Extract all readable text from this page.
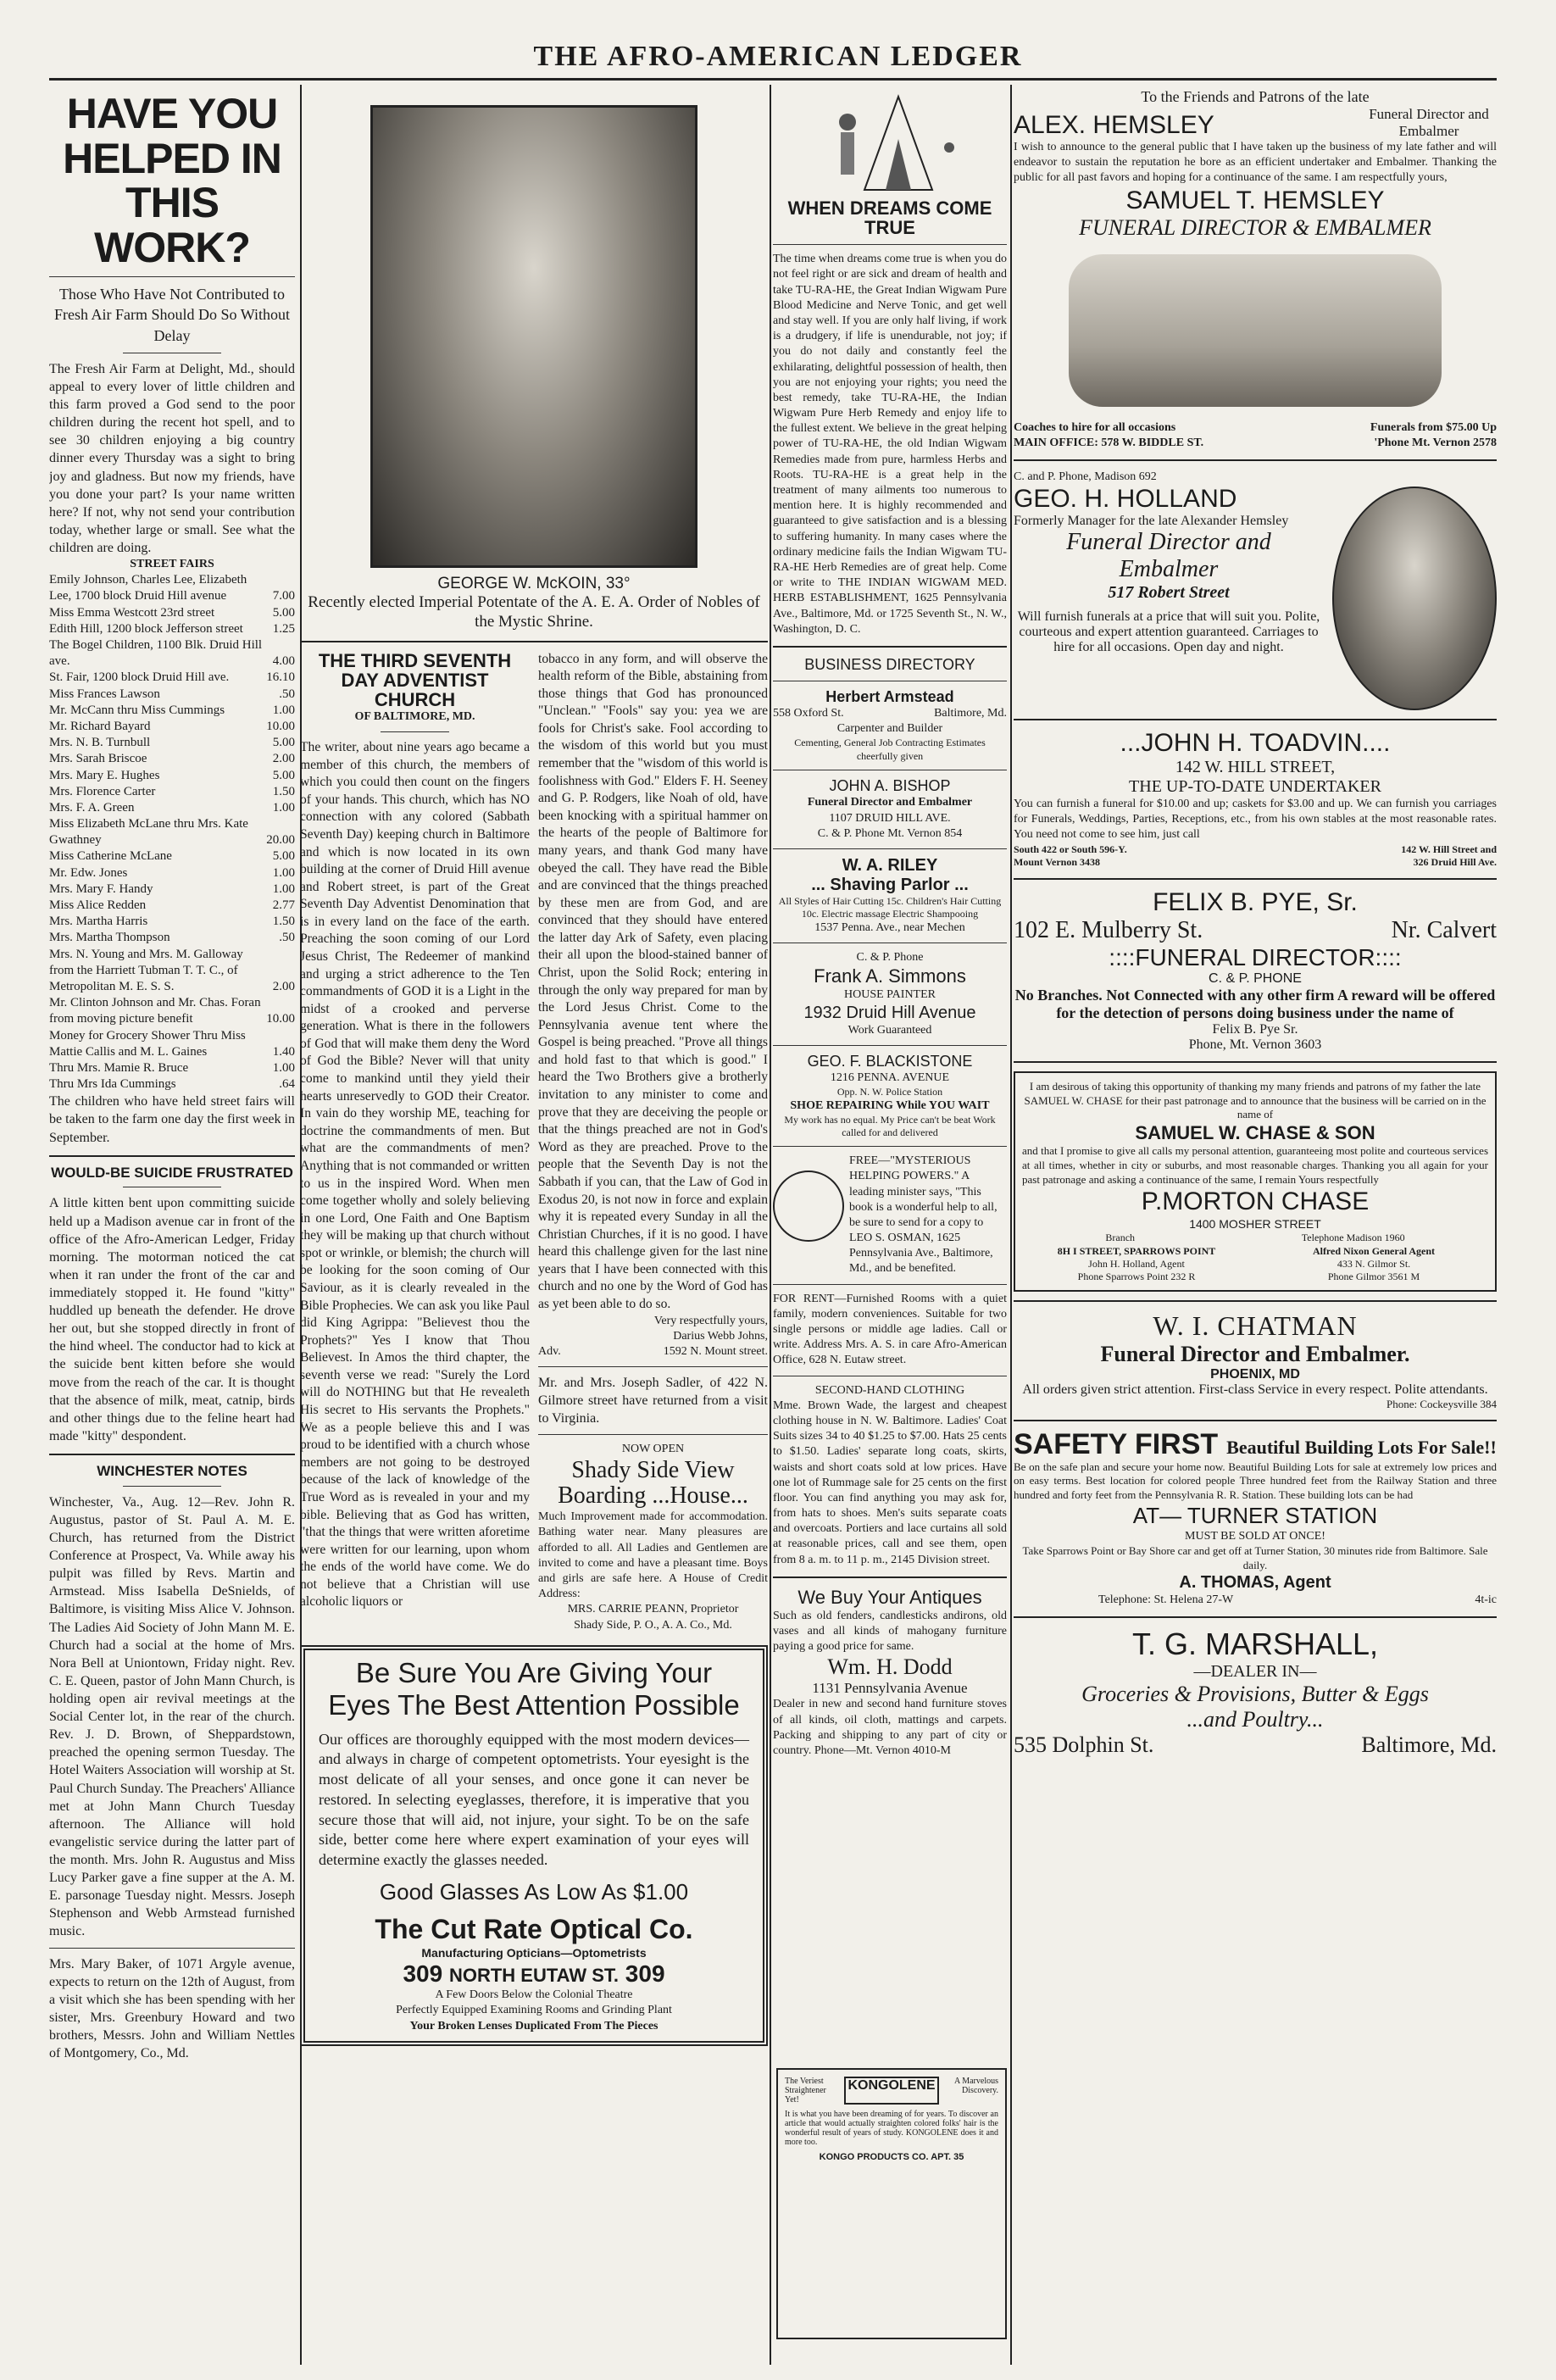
THE AFRO-AMERICAN LEDGER
HAVE YOU HELPED IN THIS WORK?
Those Who Have Not Contributed to Fresh Air Farm Should Do So Without Delay
The Fresh Air Farm at Delight, Md., should appeal to every lover of little children and this farm proved a God send to the poor children during the recent hot spell, and to see 30 children enjoying a big country dinner every Thursday was a sight to bring joy and gladness. But now my friends, have you done your part? Is your name written here? If not, why not send your contribution today, whether large or small. See what the children are doing.
STREET FAIRS
Emily Johnson, Charles Lee, Elizabeth Lee, 1700 block Druid Hill avenue	7.00
Miss Emma Westcott 23rd street	5.00
Edith Hill, 1200 block Jefferson street	1.25
The Bogel Children, 1100 Blk. Druid Hill ave.	4.00
St. Fair, 1200 block Druid Hill ave.	16.10
Miss Frances Lawson	.50
Mr. McCann thru Miss Cummings	1.00
Mr. Richard Bayard	10.00
Mrs. N. B. Turnbull	5.00
Mrs. Sarah Briscoe	2.00
Mrs. Mary E. Hughes	5.00
Mrs. Florence Carter	1.50
Mrs. F. A. Green	1.00
Miss Elizabeth McLane thru Mrs. Kate Gwathney	20.00
Miss Catherine McLane	5.00
Mr. Edw. Jones	1.00
Mrs. Mary F. Handy	1.00
Miss Alice Redden	2.77
Mrs. Martha Harris	1.50
Mrs. Martha Thompson	.50
Mrs. N. Young and Mrs. M. Galloway from the Harriett Tubman T. T. C., of Metropolitan M. E. S. S.	2.00
Mr. Clinton Johnson and Mr. Chas. Foran from moving picture benefit	10.00
Money for Grocery Shower Thru Miss Mattie Callis and M. L. Gaines	1.40
Thru Mrs. Mamie R. Bruce	1.00
Thru Mrs Ida Cummings	.64
The children who have held street fairs will be taken to the farm one day the first week in September.
WOULD-BE SUICIDE FRUSTRATED
A little kitten bent upon committing suicide held up a Madison avenue car in front of the office of the Afro-American Ledger, Friday morning. The motorman noticed the cat when it ran under the front of the car and immediately stopped it. He found "kitty" huddled up beneath the defender. He drove her out, but she stopped directly in front of the hind wheel. The conductor had to kick at the suicide bent kitten before she would move from the reach of the car. It is thought that the absence of milk, meat, catnip, birds and other things due to the feline heart had made "kitty" despondent.
WINCHESTER NOTES
Winchester, Va., Aug. 12—Rev. John R. Augustus, pastor of St. Paul A. M. E. Church, has returned from the District Conference at Prospect, Va. While away his pulpit was filled by Revs. Martin and Armstead. Miss Isabella DeSnields, of Baltimore, is visiting Miss Alice V. Johnson. The Ladies Aid Society of John Mann M. E. Church had a social at the home of Mrs. Nora Bell at Uniontown, Friday night. Rev. C. E. Queen, pastor of John Mann Church, is holding open air revival meetings at the Social Center lot, in the rear of the church. Rev. J. D. Brown, of Sheppardstown, preached the opening sermon Tuesday. The Hotel Waiters Association will worship at St. Paul Church Sunday. The Preachers' Alliance met at John Mann Church Tuesday afternoon. The Alliance will hold evangelistic service during the latter part of the month. Mrs. John R. Augustus and Miss Lucy Parker gave a fine supper at the A. M. E. parsonage Tuesday night. Messrs. Joseph Stephenson and Webb Armstead furnished music.
Mrs. Mary Baker, of 1071 Argyle avenue, expects to return on the 12th of August, from a visit which she has been spending with her sister, Mrs. Greenbury Howard and two brothers, Messrs. John and William Nettles of Montgomery, Co., Md.
GEORGE W. McKOIN, 33°
Recently elected Imperial Potentate of the A. E. A. Order of Nobles of the Mystic Shrine.
THE THIRD SEVENTH DAY ADVENTIST CHURCH
OF BALTIMORE, MD.
The writer, about nine years ago became a member of this church, the members of which you could then count on the fingers of your hands. This church, which has NO connection with any colored (Sabbath Seventh Day) keeping church in Baltimore and which is now located in its own building at the corner of Druid Hill avenue and Robert street, is part of the Great Seventh Day Adventist Denomination that is in every land on the face of the earth. Preaching the soon coming of our Lord Jesus Christ, The Redeemer of mankind and urging a strict adherence to the Ten commandments of GOD it is a Light in the midst of a crooked and perverse generation. What is there in the followers of God that will make them deny the Word of God the Bible? Never will that unity come to mankind until they yield their hearts unreservedly to GOD their Creator. In vain do they worship ME, teaching for doctrine the commandments of men. But what are the commandments of men? Anything that is not commanded or written to us in the inspired Word. When men come together wholly and solely believing in one Lord, One Faith and One Baptism they will be making up that church without spot or wrinkle, or blemish; the church will be looking for the soon coming of Our Saviour, as it is clearly revealed in the Bible Prophecies. We can ask you like Paul did King Agrippa: "Believest thou the Prophets?" Yes I know that Thou Believest. In Amos the third chapter, the seventh verse we read: "Surely the Lord will do NOTHING but that He revealeth His secret to His servants the Prophets." We as a people believe this and I was proud to be identified with a church whose members are not going to be destroyed because of the lack of knowledge of the True Word as is revealed in your and my bible. Believing that as God has written, "that the things that were written aforetime were written for our learning, upon whom the ends of the world have come. We do not believe that a Christian will use alcoholic liquors or
tobacco in any form, and will observe the health reform of the Bible, abstaining from those things that God has pronounced "Unclean." "Fools" say you: yea we are fools for Christ's sake. Fool according to the wisdom of this world but you must remember that the "wisdom of this world is foolishness with God." Elders F. H. Seeney and G. P. Rodgers, like Noah of old, have been knocking with a spiritual hammer on the hearts of the people of Baltimore for many years, and thank God many have obeyed the call. They have read the Bible and are convinced that the things preached by these men are from God, and are convinced that they should have entered the latter day Ark of Safety, even placing their all upon the blood-stained banner of Christ, upon the Solid Rock; entering in through the only way prepared for man by the Lord Jesus Christ. Come to the Pennsylvania avenue tent where the Gospel is being preached. "Prove all things and hold fast to that which is good." I heard the Two Brothers give a brotherly invitation to any minister to come and prove that they are deceiving the people or that the things preached are not in God's Word as they are preached. Prove to the people that the Seventh Day is not the Sabbath if you can, that the Law of God in Exodus 20, is not now in force and explain why it is repeated every Sunday in all the Christian Churches, if it is no good. I have heard this challenge given for the last nine years that I have been connected with this church and no one by the Word of God has as yet been able to do so.
Very respectfully yours,
Darius Webb Johns,
Adv.	1592 N. Mount street.
Mr. and Mrs. Joseph Sadler, of 422 N. Gilmore street have returned from a visit to Virginia.
NOW OPEN
Shady Side View Boarding ...House...
Much Improvement made for accommodation. Bathing water near. Many pleasures are afforded to all. All Ladies and Gentlemen are invited to come and have a pleasant time. Boys and girls are safe here. A House of Credit Address:
MRS. CARRIE PEANN, Proprietor
Shady Side, P. O., A. A. Co., Md.
Be Sure You Are Giving Your
Eyes The Best Attention Possible
Our offices are thoroughly equipped with the most modern devices—and always in charge of competent optometrists. Your eyesight is the most delicate of all your senses, and once gone it can never be restored. In selecting eyeglasses, therefore, it is imperative that you secure those that will aid, not injure, your sight. To be on the safe side, better come here where expert examination of your eyes will determine exactly the glasses needed.
Good Glasses As Low As $1.00
The Cut Rate Optical Co.
Manufacturing Opticians—Optometrists
309 NORTH EUTAW ST. 309
A Few Doors Below the Colonial Theatre
Perfectly Equipped Examining Rooms and Grinding Plant
Your Broken Lenses Duplicated From The Pieces
WHEN DREAMS COME TRUE
The time when dreams come true is when you do not feel right or are sick and dream of health and take TU-RA-HE, the Great Indian Wigwam Pure Blood Medicine and Nerve Tonic, and get well and stay well. If you are only half living, if work is a drudgery, if life is unendurable, not joy; if you do not daily and constantly feel the exhilarating, delightful possession of health, then you are not enjoying your rights; you need the best remedy, take TU-RA-HE, the Indian Wigwam Pure Herb Remedy and enjoy life to the fullest extent. We believe in the great helping power of TU-RA-HE, the old Indian Wigwam Remedies made from pure, harmless Herbs and Roots. TU-RA-HE is a great help in the treatment of many ailments too numerous to mention here. It is highly recommended and guaranteed to give satisfaction and is a blessing to suffering humanity. In many cases where the ordinary medicine fails the Indian Wigwam TU-RA-HE Herb Remedies are of great help. Come or write to THE INDIAN WIGWAM MED. HERB ESTABLISHMENT, 1625 Pennsylvania Ave., Baltimore, Md. or 1725 Seventh St., N. W., Washington, D. C.
BUSINESS DIRECTORY
Herbert Armstead
558 Oxford St.	Baltimore, Md.
Carpenter and Builder
Cementing, General Job Contracting Estimates cheerfully given
JOHN A. BISHOP
Funeral Director and Embalmer
1107 DRUID HILL AVE.
C. & P. Phone Mt. Vernon 854
W. A. RILEY
... Shaving Parlor ...
All Styles of Hair Cutting 15c. Children's Hair Cutting 10c. Electric massage Electric Shampooing
1537 Penna. Ave., near Mechen
C. & P. Phone
Frank A. Simmons
HOUSE PAINTER
1932 Druid Hill Avenue
Work Guaranteed
GEO. F. BLACKISTONE
1216 PENNA. AVENUE
Opp. N. W. Police Station
SHOE REPAIRING While YOU WAIT
My work has no equal. My Price can't be beat Work called for and delivered
FREE—"MYSTERIOUS HELPING POWERS." A leading minister says, "This book is a wonderful help to all, be sure to send for a copy to LEO S. OSMAN, 1625 Pennsylvania Ave., Baltimore, Md., and be benefited.
FOR RENT—Furnished Rooms with a quiet family, modern conveniences. Suitable for two single persons or middle age ladies. Call or write. Address Mrs. A. S. in care Afro-American Office, 628 N. Eutaw street.
SECOND-HAND CLOTHING
Mme. Brown Wade, the largest and cheapest clothing house in N. W. Baltimore. Ladies' Coat Suits sizes 34 to 40 $1.25 to $7.00. Hats 25 cents to $1.50. Ladies' separate long coats, skirts, waists and short coats sold at low prices. Have one lot of Rummage sale for 25 cents on the first floor. You can find anything you may ask for, from hats to shoes. Men's suits separate coats and overcoats. Portiers and lace curtains all sold at reasonable prices, call and see them, open from 8 a. m. to 11 p. m., 2145 Division street.
We Buy Your Antiques
Such as old fenders, candlesticks andirons, old vases and all kinds of mahogany furniture paying a good price for same.
Wm. H. Dodd
1131 Pennsylvania Avenue
Dealer in new and second hand furniture stoves of all kinds, oil cloth, mattings and carpets. Packing and shipping to any part of city or country. Phone—Mt. Vernon 4010-M
To the Friends and Patrons of the late
ALEX. HEMSLEY	Funeral Director and Embalmer
I wish to announce to the general public that I have taken up the business of my late father and will endeavor to sustain the reputation he bore as an efficient undertaker and Embalmer. Thanking the public for all past favors and hoping for a continuance of the same. I am respectfully yours,
SAMUEL T. HEMSLEY
FUNERAL DIRECTOR & EMBALMER
Coaches to hire for all occasions	Funerals from $75.00 Up
MAIN OFFICE: 578 W. BIDDLE ST.	'Phone Mt. Vernon 2578
C. and P. Phone, Madison 692
GEO. H. HOLLAND
Formerly Manager for the late Alexander Hemsley
Funeral Director and
Embalmer
517 Robert Street
Will furnish funerals at a price that will suit you. Polite, courteous and expert attention guaranteed. Carriages to hire for all occasions. Open day and night.
...JOHN H. TOADVIN....
142 W. HILL STREET,
THE UP-TO-DATE UNDERTAKER
You can furnish a funeral for $10.00 and up; caskets for $3.00 and up. We can furnish you carriages for Funerals, Weddings, Parties, Receptions, etc., from his own stables at the most reasonable rates. You need not come to see him, just call
South 422 or South 596-Y.	142 W. Hill Street and
Mount Vernon 3438	326 Druid Hill Ave.
FELIX B. PYE, Sr.
102 E. Mulberry St.	Nr. Calvert
::::FUNERAL DIRECTOR::::
C. & P. PHONE
No Branches. Not Connected with any other firm A reward will be offered for the detection of persons doing business under the name of
Felix B. Pye Sr.
Phone, Mt. Vernon 3603
I am desirous of taking this opportunity of thanking my many friends and patrons of my father the late SAMUEL W. CHASE for their past patronage and to announce that the business will be carried on in the name of
SAMUEL W. CHASE & SON
and that I promise to give all calls my personal attention, guaranteeing most polite and courteous services at all times, whether in city or suburbs, and most reasonable charges. Thanking you all again for your past patronage and asking a continuance of the same, I remain Yours respectfully
P.MORTON CHASE
1400 MOSHER STREET
Branch	Telephone Madison 1960
8H I STREET, SPARROWS POINT
John H. Holland, Agent
Phone Sparrows Point 232 R
Alfred Nixon General Agent
433 N. Gilmor St.
Phone Gilmor 3561 M
W. I. CHATMAN
Funeral Director and Embalmer.
PHOENIX, MD
All orders given strict attention. First-class Service in every respect. Polite attendants.
Phone: Cockeysville 384
SAFETY FIRST Beautiful Building Lots For Sale!!
Be on the safe plan and secure your home now. Beautiful Building Lots for sale at extremely low prices and on easy terms. Best location for colored people Three hundred feet from the Railway Station and three hundred and forty feet from the Pennsylvania R. R. Station. These building lots can be had
AT— TURNER STATION
MUST BE SOLD AT ONCE!
Take Sparrows Point or Bay Shore car and get off at Turner Station, 30 minutes ride from Baltimore. Sale daily.
A. THOMAS, Agent
Telephone: St. Helena 27-W	4t-ic
T. G. MARSHALL,
—DEALER IN—
Groceries & Provisions, Butter & Eggs
...and Poultry...
535 Dolphin St.	Baltimore, Md.
The Veriest Straightener Yet!
KONGOLENE	A Marvelous Discovery.
It is what you have been dreaming of for years. To discover an article that would actually straighten colored folks' hair is the wonderful result of years of study. KONGOLENE does it and more too.
KONGO PRODUCTS CO. APT. 35
